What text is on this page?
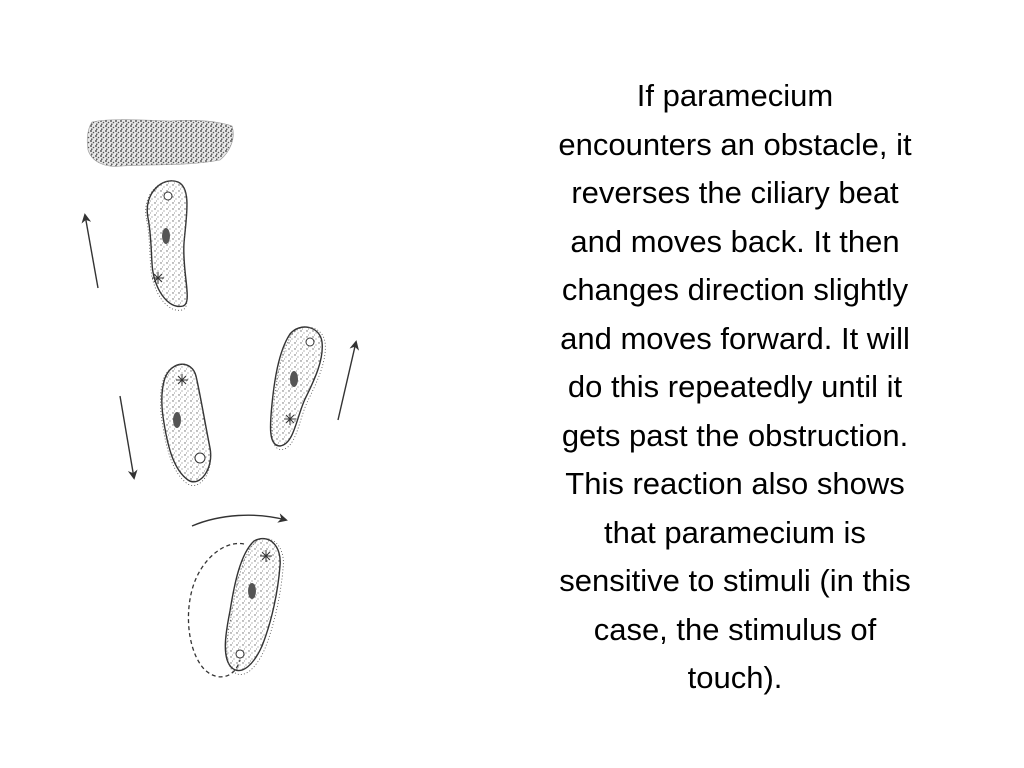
If paramecium
encounters an obstacle, it
reverses the ciliary beat
and moves back. It then
changes direction slightly
and moves forward. It will
do this repeatedly until it
gets past the obstruction.
This reaction also shows
that paramecium is
sensitive to stimuli (in this
case, the stimulus of
touch).
